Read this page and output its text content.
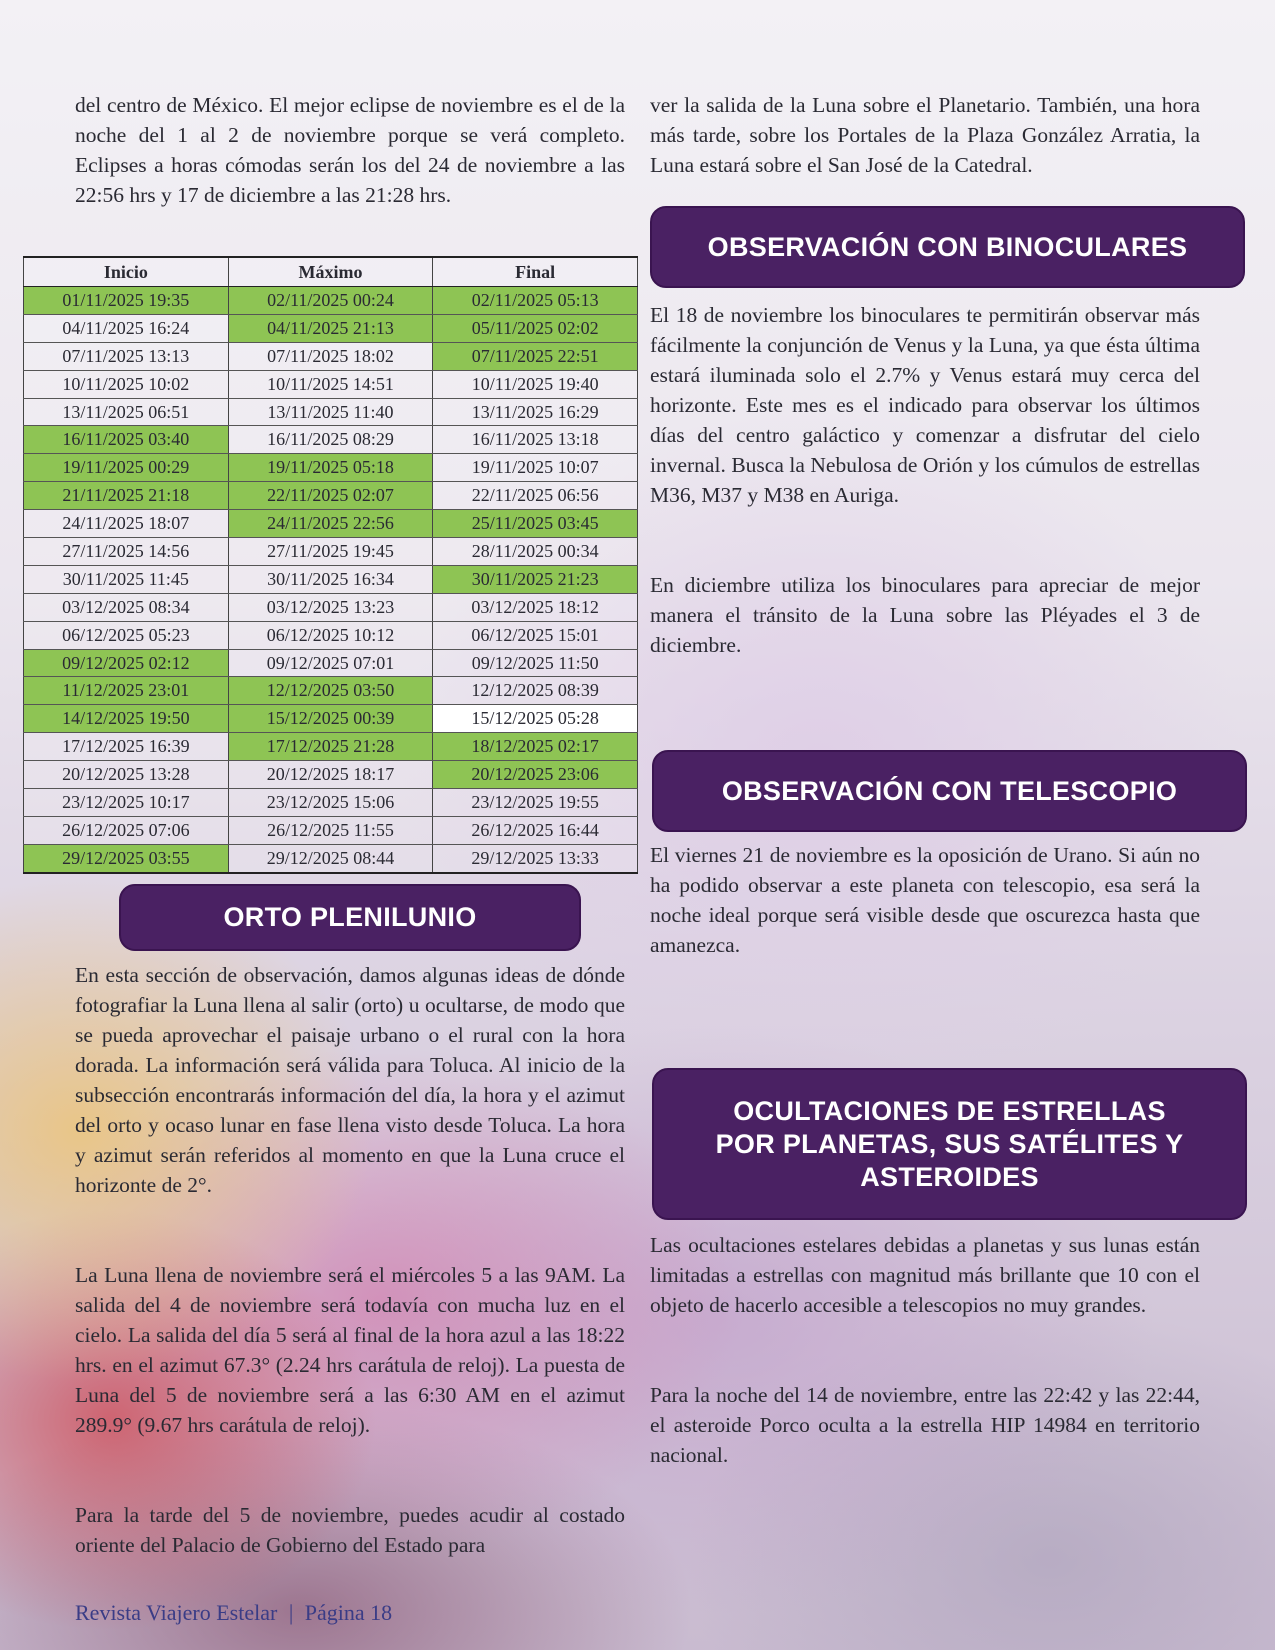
del centro de México. El mejor eclipse de noviembre es el de la noche del 1 al 2 de noviembre porque se verá completo. Eclipses a horas cómodas serán los del 24 de noviembre a las 22:56 hrs y 17 de diciembre a las 21:28 hrs.

Inicio	Máximo	Final
01/11/2025 19:35	02/11/2025 00:24	02/11/2025 05:13
04/11/2025 16:24	04/11/2025 21:13	05/11/2025 02:02
07/11/2025 13:13	07/11/2025 18:02	07/11/2025 22:51
10/11/2025 10:02	10/11/2025 14:51	10/11/2025 19:40
13/11/2025 06:51	13/11/2025 11:40	13/11/2025 16:29
16/11/2025 03:40	16/11/2025 08:29	16/11/2025 13:18
19/11/2025 00:29	19/11/2025 05:18	19/11/2025 10:07
21/11/2025 21:18	22/11/2025 02:07	22/11/2025 06:56
24/11/2025 18:07	24/11/2025 22:56	25/11/2025 03:45
27/11/2025 14:56	27/11/2025 19:45	28/11/2025 00:34
30/11/2025 11:45	30/11/2025 16:34	30/11/2025 21:23
03/12/2025 08:34	03/12/2025 13:23	03/12/2025 18:12
06/12/2025 05:23	06/12/2025 10:12	06/12/2025 15:01
09/12/2025 02:12	09/12/2025 07:01	09/12/2025 11:50
11/12/2025 23:01	12/12/2025 03:50	12/12/2025 08:39
14/12/2025 19:50	15/12/2025 00:39	15/12/2025 05:28
17/12/2025 16:39	17/12/2025 21:28	18/12/2025 02:17
20/12/2025 13:28	20/12/2025 18:17	20/12/2025 23:06
23/12/2025 10:17	23/12/2025 15:06	23/12/2025 19:55
26/12/2025 07:06	26/12/2025 11:55	26/12/2025 16:44
29/12/2025 03:55	29/12/2025 08:44	29/12/2025 13:33
ORTO PLENILUNIO

En esta sección de observación, damos algunas ideas de dónde fotografiar la Luna llena al salir (orto) u ocultarse, de modo que se pueda aprovechar el paisaje urbano o el rural con la hora dorada. La información será válida para Toluca. Al inicio de la subsección encontrarás información del día, la hora y el azimut del orto y ocaso lunar en fase llena visto desde Toluca. La hora y azimut serán referidos al momento en que la Luna cruce el horizonte de 2°.

La Luna llena de noviembre será el miércoles 5 a las 9AM. La salida del 4 de noviembre será todavía con mucha luz en el cielo. La salida del día 5 será al final de la hora azul a las 18:22 hrs. en el azimut 67.3° (2.24 hrs carátula de reloj). La puesta de Luna del 5 de noviembre será a las 6:30 AM en el azimut 289.9° (9.67 hrs carátula de reloj).

Para la tarde del 5 de noviembre, puedes acudir al costado oriente del Palacio de Gobierno del Estado para

ver la salida de la Luna sobre el Planetario. También, una hora más tarde, sobre los Portales de la Plaza González Arratia, la Luna estará sobre el San José de la Catedral.

OBSERVACIÓN CON BINOCULARES

El 18 de noviembre los binoculares te permitirán observar más fácilmente la conjunción de Venus y la Luna, ya que ésta última estará iluminada solo el 2.7% y Venus estará muy cerca del horizonte. Este mes es el indicado para observar los últimos días del centro galáctico y comenzar a disfrutar del cielo invernal. Busca la Nebulosa de Orión y los cúmulos de estrellas M36, M37 y M38 en Auriga.

En diciembre utiliza los binoculares para apreciar de mejor manera el tránsito de la Luna sobre las Pléyades el 3 de diciembre.

OBSERVACIÓN CON TELESCOPIO

El viernes 21 de noviembre es la oposición de Urano. Si aún no ha podido observar a este planeta con telescopio, esa será la noche ideal porque será visible desde que oscurezca hasta que amanezca.

OCULTACIONES DE ESTRELLAS
POR PLANETAS, SUS SATÉLITES Y
ASTEROIDES

Las ocultaciones estelares debidas a planetas y sus lunas están limitadas a estrellas con magnitud más brillante que 10 con el objeto de hacerlo accesible a telescopios no muy grandes.

Para la noche del 14 de noviembre, entre las 22:42 y las 22:44, el asteroide Porco oculta a la estrella HIP 14984 en territorio nacional.

Revista Viajero Estelar | Página 18
